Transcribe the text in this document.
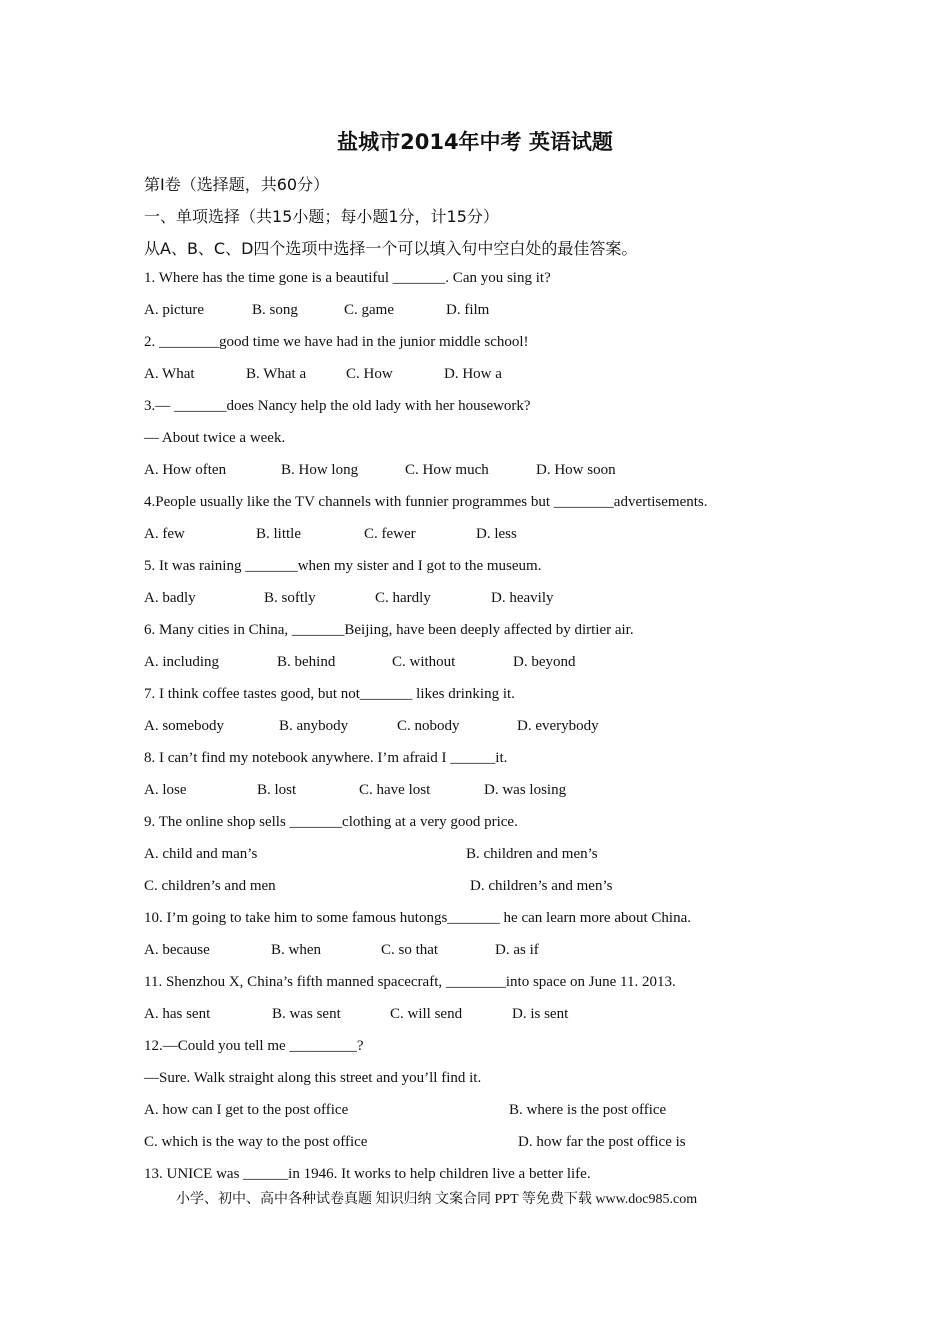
盐城市2014年中考 英语试题
第Ⅰ卷（选择题，共60分）
一、单项选择（共15小题；每小题1分，计15分）
从A、B、C、D四个选项中选择一个可以填入句中空白处的最佳答案。
1. Where has the time gone is a beautiful _______. Can you sing it?
A. picture	B. song	C. game	D. film
2. ________good time we have had in the junior middle school!
A. What	B. What a	C. How	D. How a
3.— _______does Nancy help the old lady with her housework?
— About twice a week.
A. How often	B. How long	C. How much	D. How soon
4.People usually like the TV channels with funnier programmes but ________advertisements.
A. few	B. little	C. fewer	D. less
5. It was raining _______when my sister and I got to the museum.
A. badly	B. softly	C. hardly	D. heavily
6. Many cities in China, _______Beijing, have been deeply affected by dirtier air.
A. including	B. behind	C. without	D. beyond
7. I think coffee tastes good, but not_______ likes drinking it.
A. somebody	B. anybody	C. nobody	D. everybody
8. I can’t find my notebook anywhere. I’m afraid I ______it.
A. lose	B. lost	C. have lost	D. was losing
9. The online shop sells _______clothing at a very good price.
A. child and man’s	B. children and men’s
C. children’s and men	D. children’s and men’s
10. I’m going to take him to some famous hutongs_______ he can learn more about China.
A. because	B. when	C. so that	D. as if
11. Shenzhou X, China’s fifth manned spacecraft, ________into space on June 11. 2013.
A. has sent	B. was sent	C. will send	D. is sent
12.—Could you tell me _________?
—Sure. Walk straight along this street and you’ll find it.
A. how can I get to the post office	B. where is the post office
C. which is the way to the post office	D. how far the post office is
13. UNICE was ______in 1946. It works to help children live a better life.
小学、初中、高中各种试卷真题 知识归纳 文案合同 PPT 等免费下载 www.doc985.com
